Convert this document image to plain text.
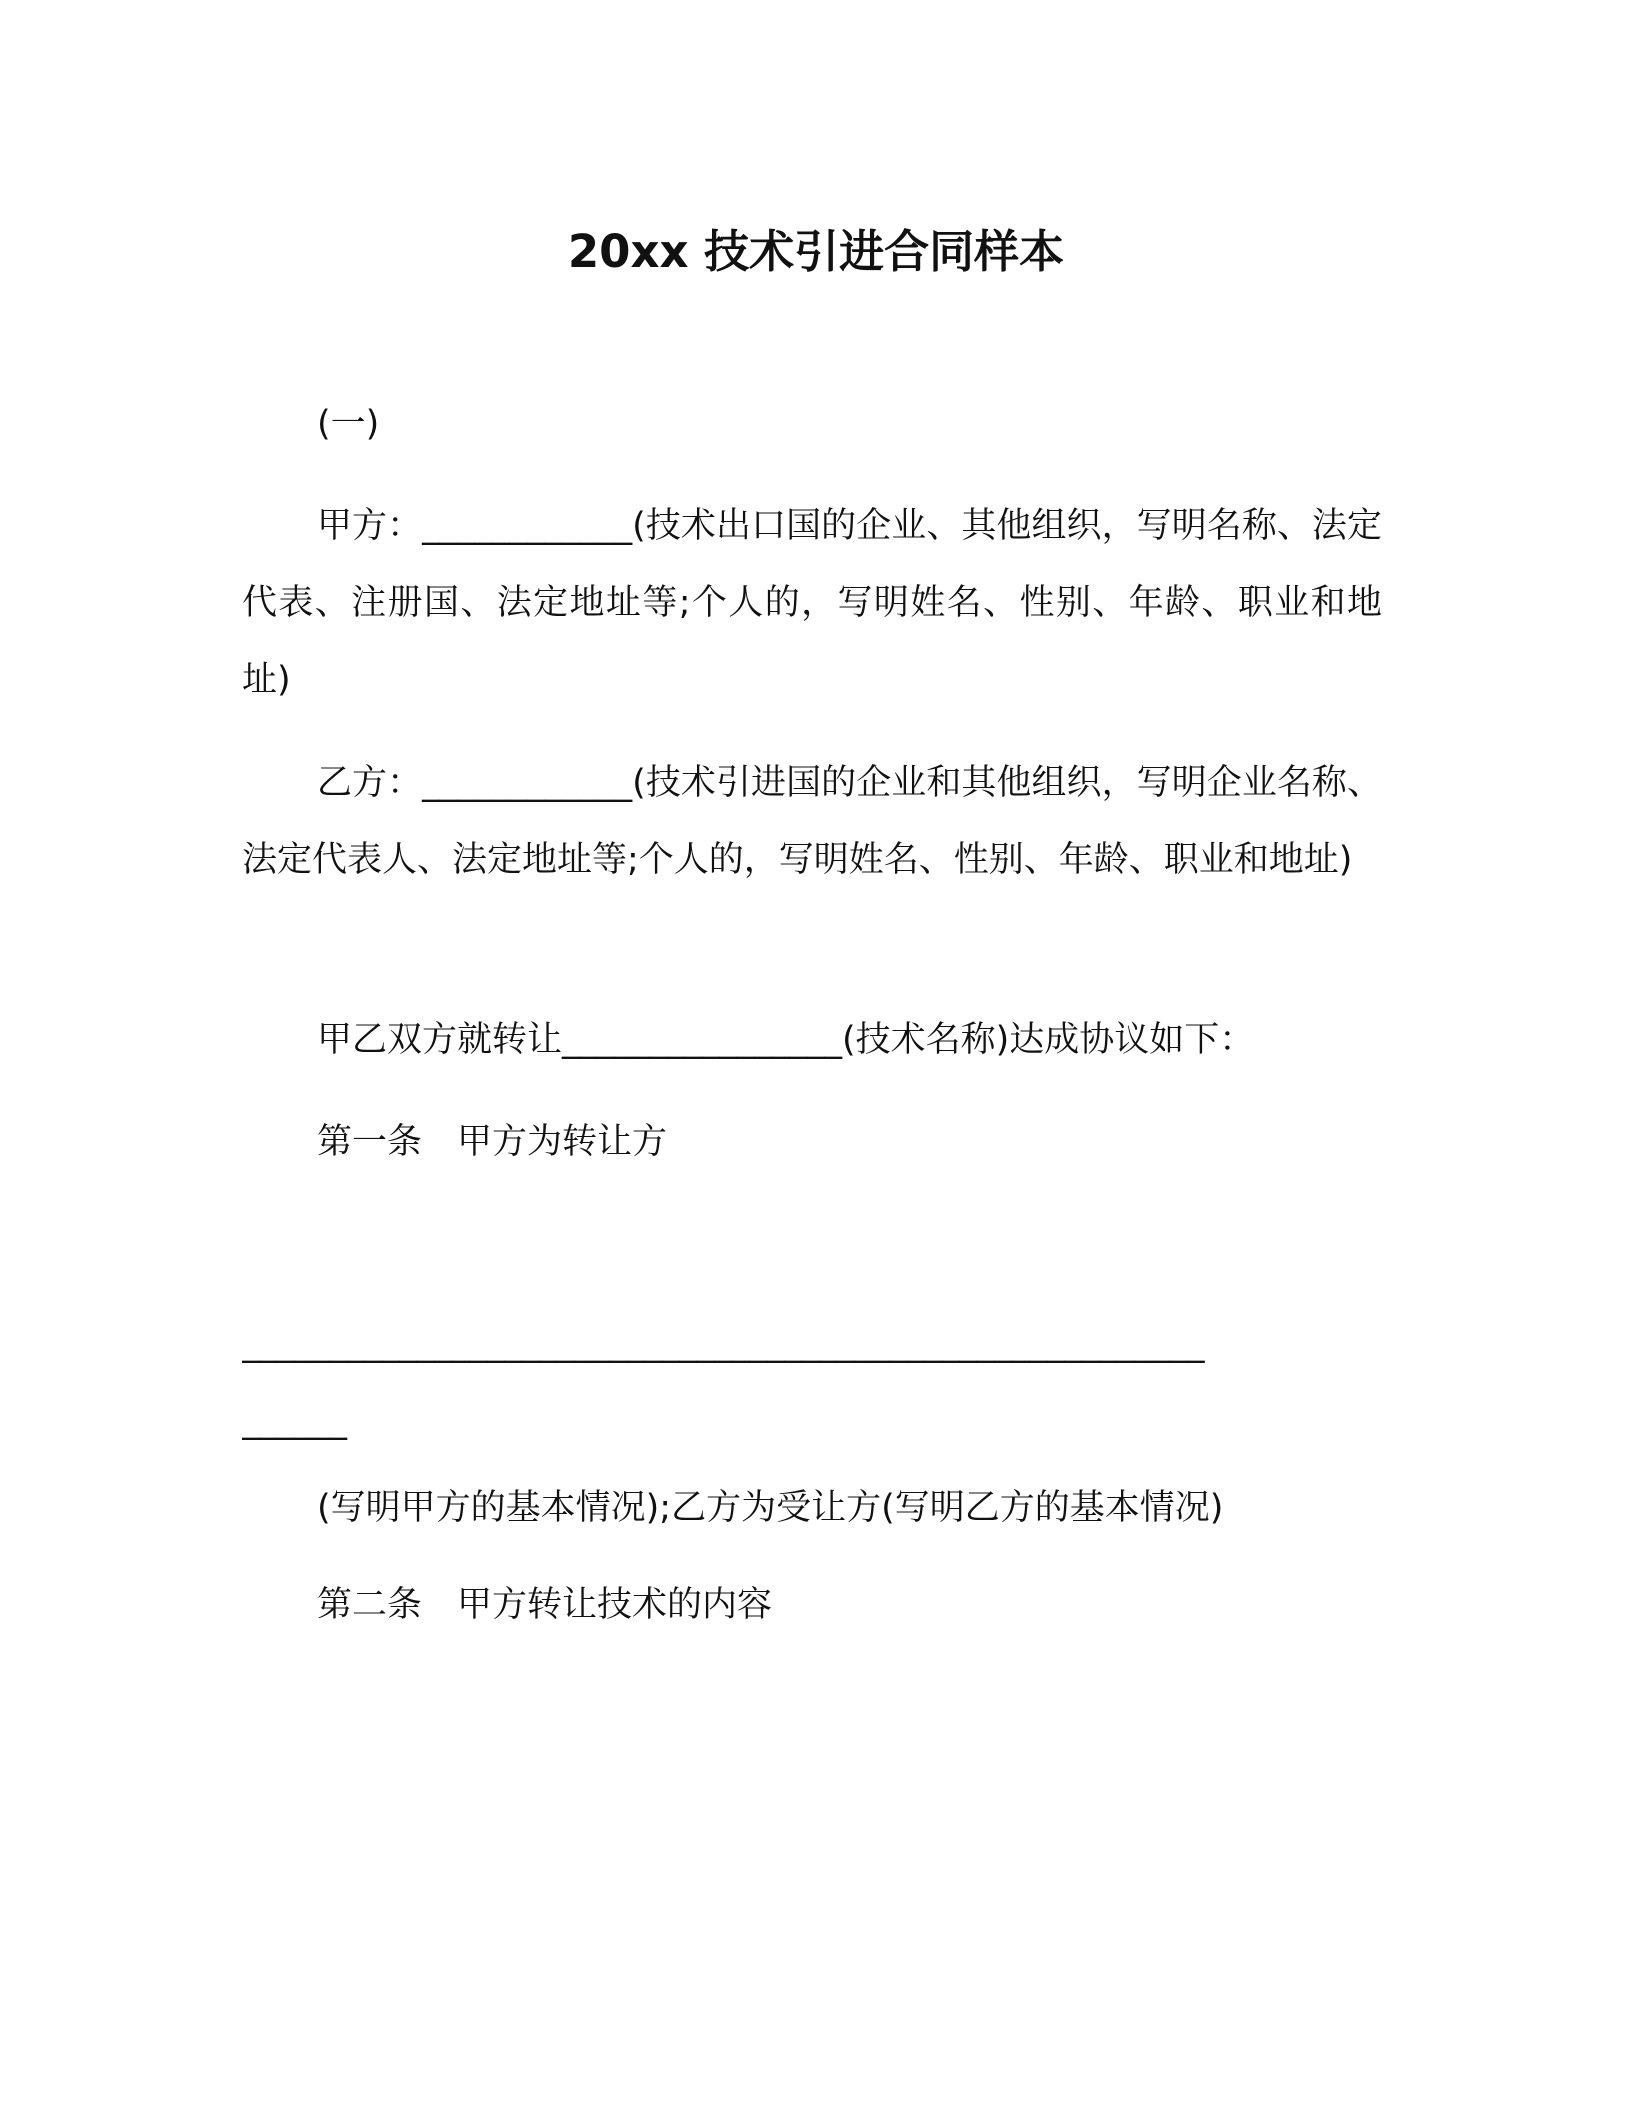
20xx 技术引进合同样本

(一)

甲方：____________(技术出口国的企业、其他组织，写明名称、法定代表、注册国、法定地址等;个人的，写明姓名、性别、年龄、职业和地址)

乙方：____________(技术引进国的企业和其他组织，写明企业名称、法定代表人、法定地址等;个人的，写明姓名、性别、年龄、职业和地址)

甲乙双方就转让________________(技术名称)达成协议如下：

第一条　甲方为转让方

_______________________________________________________

______

(写明甲方的基本情况);乙方为受让方(写明乙方的基本情况)

第二条　甲方转让技术的内容
